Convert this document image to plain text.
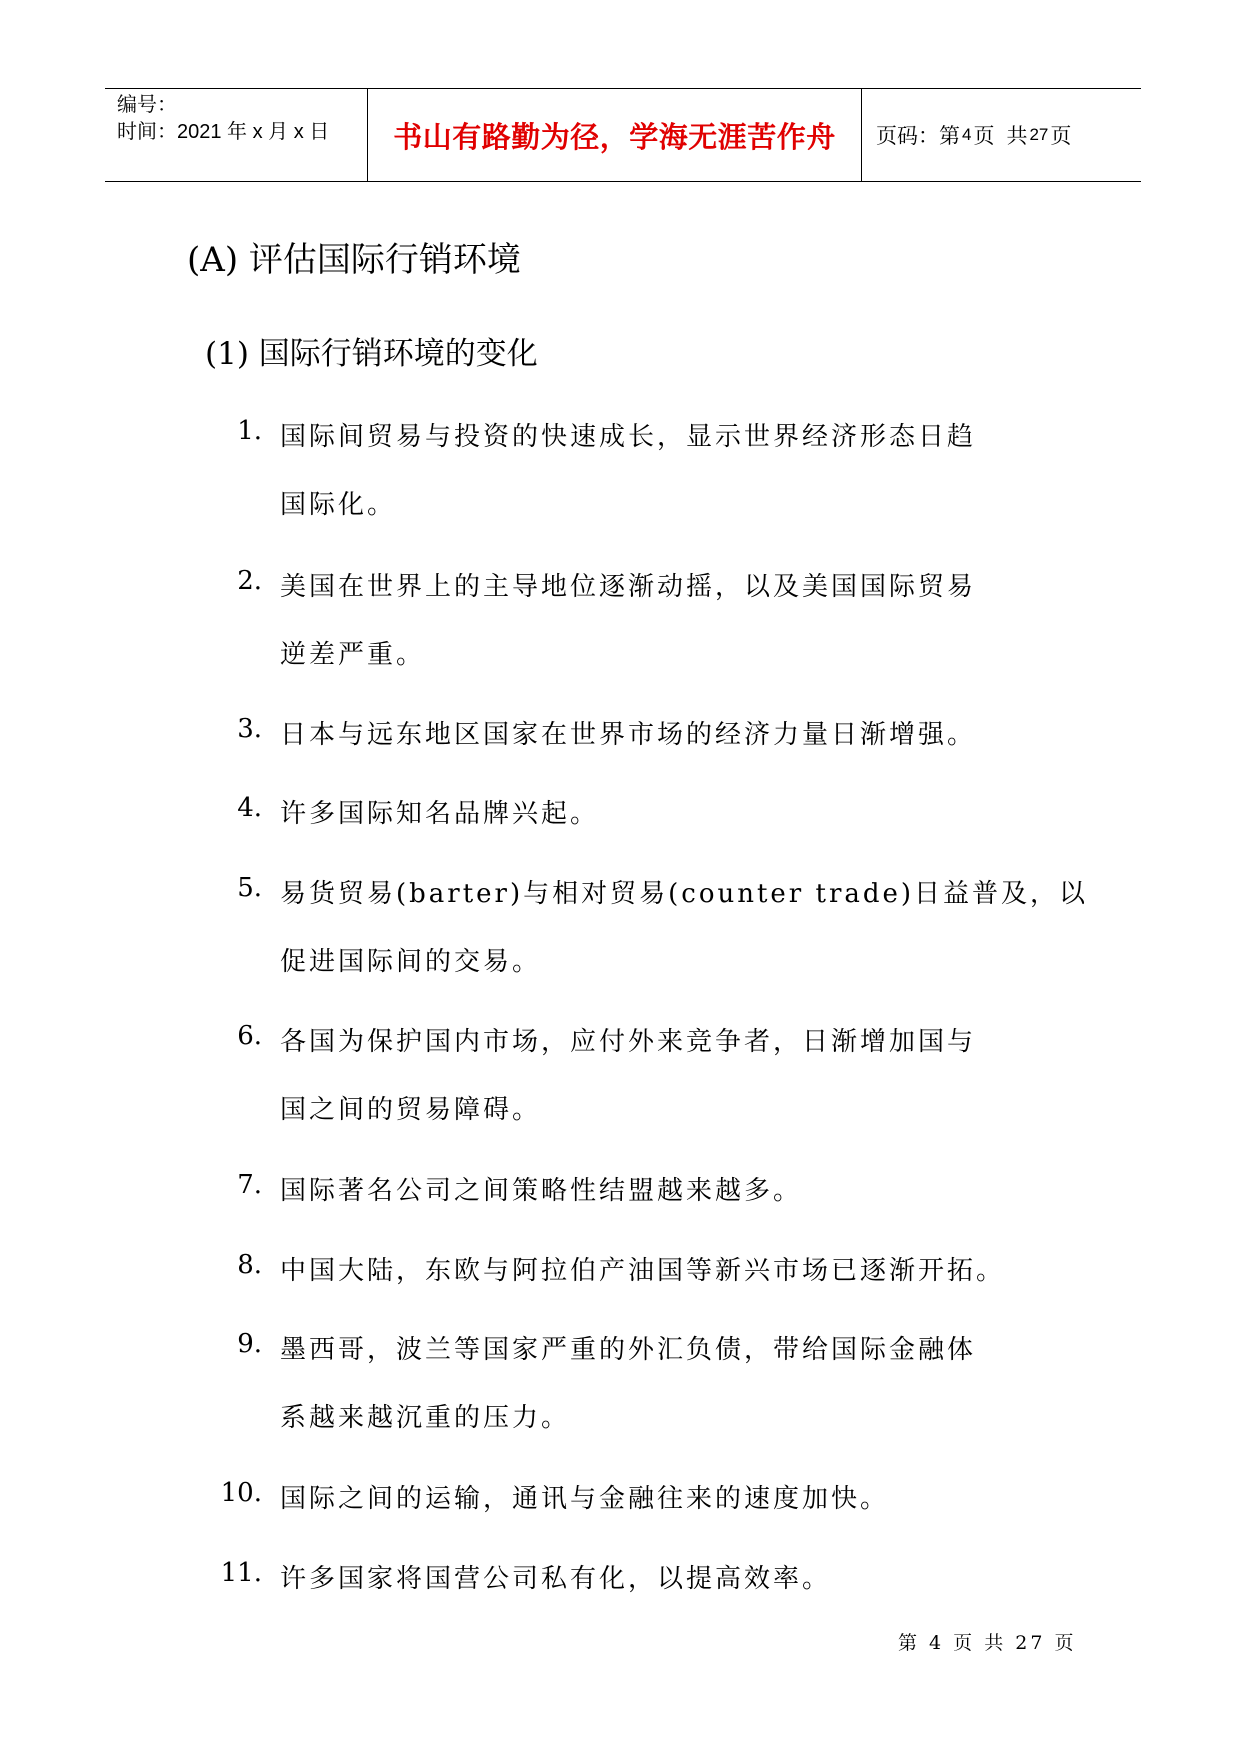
编号：
时间：2021 年 x 月 x 日	书山有路勤为径，学海无涯苦作舟 页码：第 4 页 共 27 页
(A) 评估国际行销环境
(1) 国际行销环境的变化
1. 国际间贸易与投资的快速成长，显示世界经济形态日趋
国际化。
2. 美国在世界上的主导地位逐渐动摇，以及美国国际贸易
逆差严重。
3. 日本与远东地区国家在世界市场的经济力量日渐增强。
4. 许多国际知名品牌兴起。
5. 易货贸易(barter)与相对贸易(counter trade)日益普及，以
促进国际间的交易。
6. 各国为保护国内市场，应付外来竞争者，日渐增加国与
国之间的贸易障碍。
7. 国际著名公司之间策略性结盟越来越多。
8. 中国大陆，东欧与阿拉伯产油国等新兴市场已逐渐开拓。
9. 墨西哥，波兰等国家严重的外汇负债，带给国际金融体
系越来越沉重的压力。
10. 国际之间的运输，通讯与金融往来的速度加快。
11. 许多国家将国营公司私有化，以提高效率。
第 4 页 共 27 页
